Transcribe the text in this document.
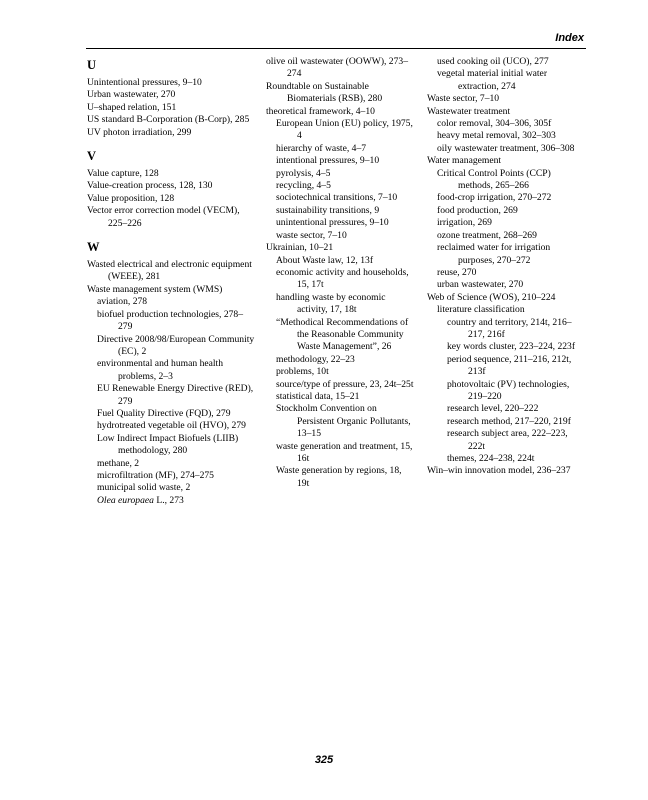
Index
U
Unintentional pressures, 9–10
Urban wastewater, 270
U–shaped relation, 151
US standard B-Corporation (B-Corp), 285
UV photon irradiation, 299
V
Value capture, 128
Value-creation process, 128, 130
Value proposition, 128
Vector error correction model (VECM), 225–226
W
Wasted electrical and electronic equipment (WEEE), 281
Waste management system (WMS)
aviation, 278
biofuel production technologies, 278–279
Directive 2008/98/European Community (EC), 2
environmental and human health problems, 2–3
EU Renewable Energy Directive (RED), 279
Fuel Quality Directive (FQD), 279
hydrotreated vegetable oil (HVO), 279
Low Indirect Impact Biofuels (LIIB) methodology, 280
methane, 2
microfiltration (MF), 274–275
municipal solid waste, 2
Olea europaea L., 273
olive oil wastewater (OOWW), 273–274
Roundtable on Sustainable Biomaterials (RSB), 280
theoretical framework, 4–10
European Union (EU) policy, 1975, 4
hierarchy of waste, 4–7
intentional pressures, 9–10
pyrolysis, 4–5
recycling, 4–5
sociotechnical transitions, 7–10
sustainability transitions, 9
unintentional pressures, 9–10
waste sector, 7–10
Ukrainian, 10–21
About Waste law, 12, 13f
economic activity and households, 15, 17t
handling waste by economic activity, 17, 18t
“Methodical Recommendations of the Reasonable Community Waste Management”, 26
methodology, 22–23
problems, 10t
source/type of pressure, 23, 24t–25t
statistical data, 15–21
Stockholm Convention on Persistent Organic Pollutants, 13–15
waste generation and treatment, 15, 16t
Waste generation by regions, 18, 19t
used cooking oil (UCO), 277
vegetal material initial water extraction, 274
Waste sector, 7–10
Wastewater treatment
color removal, 304–306, 305f
heavy metal removal, 302–303
oily wastewater treatment, 306–308
Water management
Critical Control Points (CCP) methods, 265–266
food-crop irrigation, 270–272
food production, 269
irrigation, 269
ozone treatment, 268–269
reclaimed water for irrigation purposes, 270–272
reuse, 270
urban wastewater, 270
Web of Science (WOS), 210–224
literature classification
country and territory, 214t, 216–217, 216f
key words cluster, 223–224, 223f
period sequence, 211–216, 212t, 213f
photovoltaic (PV) technologies, 219–220
research level, 220–222
research method, 217–220, 219f
research subject area, 222–223, 222t
themes, 224–238, 224t
Win–win innovation model, 236–237
325
